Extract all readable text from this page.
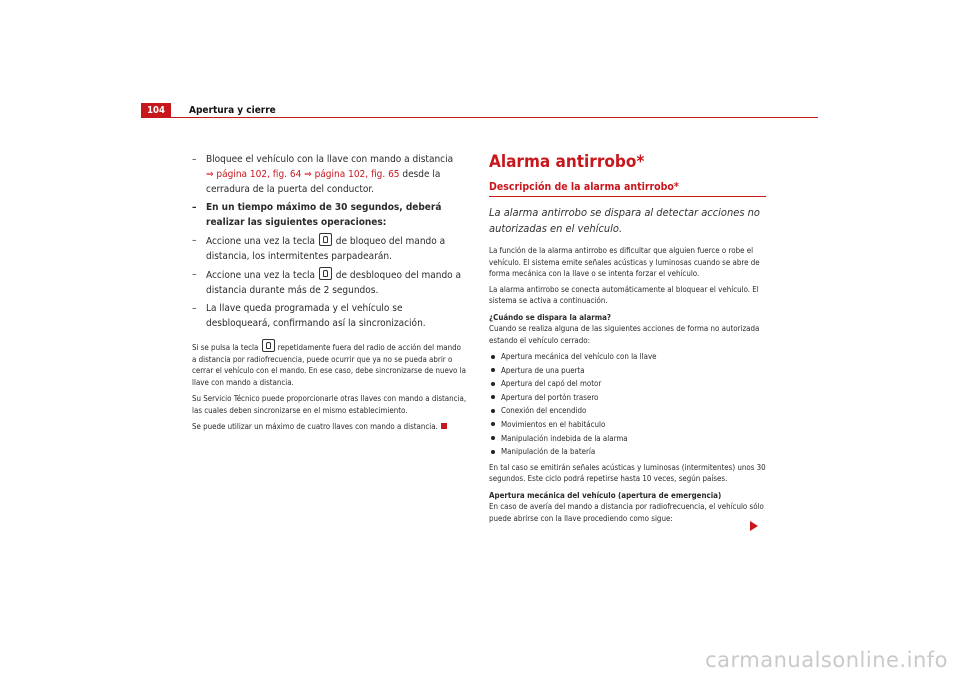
104	Apertura y cierre
– Bloquee el vehículo con la llave con mando a distancia
⇒ página 102, fig. 64 ⇒ página 102, fig. 65 desde la cerradura de la puerta del conductor.
– En un tiempo máximo de 30 segundos, deberá realizar las siguientes operaciones:
– Accione una vez la tecla  de bloqueo del mando a distancia, los intermitentes parpadearán.
– Accione una vez la tecla  de desbloqueo del mando a distancia durante más de 2 segundos.
– La llave queda programada y el vehículo se desbloqueará, confirmando así la sincronización.

Si se pulsa la tecla  repetidamente fuera del radio de acción del mando a distancia por radiofrecuencia, puede ocurrir que ya no se pueda abrir o cerrar el vehículo con el mando. En ese caso, debe sincronizarse de nuevo la llave con mando a distancia.

Su Servicio Técnico puede proporcionarle otras llaves con mando a distancia, las cuales deben sincronizarse en el mismo establecimiento.

Se puede utilizar un máximo de cuatro llaves con mando a distancia.

Alarma antirrobo*
Descripción de la alarma antirrobo*

La alarma antirrobo se dispara al detectar acciones no autorizadas en el vehículo.

La función de la alarma antirrobo es dificultar que alguien fuerce o robe el vehículo. El sistema emite señales acústicas y luminosas cuando se abre de forma mecánica con la llave o se intenta forzar el vehículo.

La alarma antirrobo se conecta automáticamente al bloquear el vehículo. El sistema se activa a continuación.

¿Cuándo se dispara la alarma?

Cuando se realiza alguna de las siguientes acciones de forma no autorizada estando el vehículo cerrado:

Apertura mecánica del vehículo con la llave
Apertura de una puerta
Apertura del capó del motor
Apertura del portón trasero
Conexión del encendido
Movimientos en el habitáculo
Manipulación indebida de la alarma
Manipulación de la batería

En tal caso se emitirán señales acústicas y luminosas (intermitentes) unos 30 segundos. Este ciclo podrá repetirse hasta 10 veces, según países.

Apertura mecánica del vehículo (apertura de emergencia)

En caso de avería del mando a distancia por radiofrecuencia, el vehículo sólo puede abrirse con la llave procediendo como sigue:

carmanualsonline.info
